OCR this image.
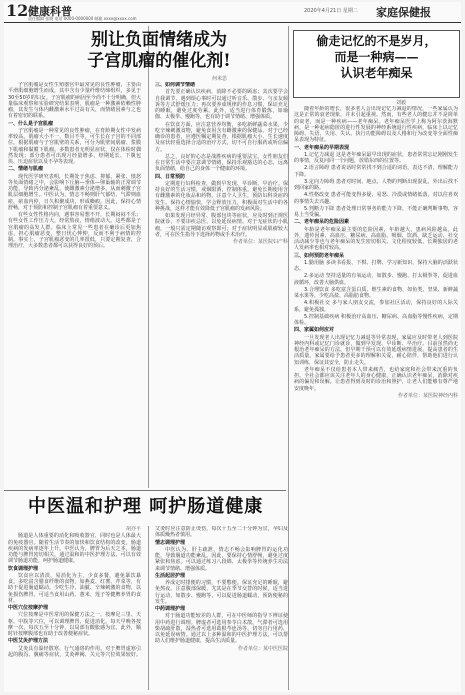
12 健康科普
责任编辑 张晓 电话 0000-0000000 邮箱 xxxx@xxxx.com
2020年4月21日 星期二 家庭保健报
别让负面情绪成为
子宫肌瘤的催化剂!
何米思

子宫肌瘤是女性生殖器官中最常见的良性肿瘤，主要由平滑肌细胞增生而成，其中含有少量纤维结缔组织，多见于30至50岁的妇女。子宫肌瘤的病因至今尚不十分明确，但大量临床观察和实验研究结果表明，肌瘤是一种激素依赖性肿瘤，其发生与体内雌激素水平过高有关，而情绪因素与之也有着密切的联系。

一、什么是子宫肌瘤

子宫肌瘤是一种常见的良性肿瘤，在育龄期女性中发病率较高。肌瘤大小不一，数目不等，可生长在子宫的不同部位。根据肌瘤与子宫肌壁的关系，可分为肌壁间肌瘤、浆膜下肌瘤和黏膜下肌瘤。多数患者无明显症状，仅在体检时偶然发现；部分患者可出现月经量增多、经期延长、下腹包块、压迫症状以及不孕等表现。

二、情绪与肌瘤

现代医学研究表明，长期处于焦虑、抑郁、紧张、愤怒等负面情绪之中，会影响下丘脑—垂体—卵巢轴的正常调节功能，导致内分泌紊乱，使雌激素分泌增多，从而刺激子宫肌层细胞增生。中医认为，情志不畅则肝气郁结，气滞则血瘀，瘀血内停，日久积聚成块，形成癥瘕。因此，保持心情舒畅，对于预防和控制子宫肌瘤有着重要意义。

有些女性性格内向，遇事容易想不开，长期闷闷不乐；有些女性工作压力大，经常熬夜，情绪波动大。这些都是子宫肌瘤的高发人群。临床上常见一些患者在确诊后更加焦虑，担心肌瘤恶变，整日忧心忡忡，反而不利于病情的控制。事实上，子宫肌瘤恶变的几率很低，只要定期复查，合理治疗，大多数患者都可以获得良好的预后。

三、如何调节情绪

首先要正确认识疾病，消除不必要的顾虑；其次要学会自我调节，遇到烦心事时可以通过听音乐、散步、与亲友倾诉等方式舒缓压力；再次要养成规律的作息习惯，保证充足的睡眠，避免过度劳累。此外，适当进行体育锻炼，如瑜伽、太极拳、慢跑等，也有助于调节情绪、增强体质。

在饮食方面，应注意营养均衡，多吃新鲜蔬菜水果，少吃辛辣刺激食物，避免食用含有雌激素的保健品。对于已经确诊的患者，应遵医嘱定期复查，根据肌瘤大小、生长速度及症状轻重选择合适的治疗方式，切不可自行服药或听信偏方。

总之，良好的心态是战胜疾病的重要法宝。女性朋友们在日常生活中要注意调节情绪，保持乐观豁达的心态，远离负面情绪，给自己的身体一个健康的环境。

四、日常预防

定期进行妇科检查，做到早发现、早诊断、早治疗。保持良好的生活习惯，戒烟限酒，控制体重。避免长期使用含有雌激素的化妆品和药物。注意个人卫生，预防妇科炎症的发生。保持心情愉快，学会释放压力，积极面对生活中的各种挑战，这样才能有效降低子宫肌瘤的发病风险。

如果发现月经异常、腹部包块等症状，应及时到正规医院就诊，不要讳疾忌医，以免延误病情。对于无症状的小肌瘤，一般只需定期随访观察即可；对于症状明显或肌瘤较大者，可在医生指导下选择药物或手术治疗。

作者单位：某医院妇产科

中医温和护理 呵护肠道健康

胡亦平

肠道是人体重要的消化和吸收器官，同时也是人体最大的免疫器官。随着生活节奏的加快和饮食结构的改变，肠道疾病的发病率逐年上升。中医认为，脾胃为后天之本，肠道功能与脾胃密切相关，通过温和的中医护理方法，可以有效调节肠道功能，呵护肠道健康。

饮食调理护理

饮食应以清淡、易消化为主，少食多餐，避免暴饮暴食。多吃富含膳食纤维的食物，如燕麦、红薯、芹菜等，有助于促进肠道蠕动。少吃生冷、油腻、辛辣刺激的食物，以免损伤脾胃。可适当食用山药、薏米、莲子等健脾养胃的食材。

中医穴位按摩护理

穴位按摩是中医常用的保健方法之一。按摩足三里、天枢、中脘等穴位，可以调理脾胃、促进消化。每天早晚各按摩一次，每次五至十分钟，以局部有酸胀感为宜。此外，顺时针按摩腹部也有助于改善便秘症状。

中医艾灸护理方法

艾灸具有温经散寒、行气通络的作用。对于脾胃虚寒引起的腹泻、腹痛等症状，艾灸神阙、关元等穴位效果较好。艾灸时应注意防止烫伤，每次十五至二十分钟为宜，孕妇及体质燥热者慎用。

情志调理护理

中医认为，肝主疏泄，情志不畅会影响脾胃的运化功能，导致肠道功能紊乱。因此，要保持心情舒畅，避免过度紧张和焦虑。可以通过练习八段锦、太极拳等传统养生功法来调节情绪、增强体质。

生活起居护理

养成定时排便的习惯，不要憋便。保证充足的睡眠，避免熬夜。注意腹部保暖，尤其是在季节交替的时候。适当进行运动，如散步、慢跑等，可以促进肠道蠕动，预防便秘的发生。

中药调理护理

对于肠道功能较差的人群，可在中医师的指导下辨证使用中药进行调理。脾虚者可选用参苓白术散，气滞者可选用柴胡疏肝散，湿热者可选用葛根芩连汤等。切勿自行用药，以免延误病情。通过以上多种温和的中医护理方法，可以帮助人们维护肠道健康，提高生活质量。

作者单位：某中医医院

偷走记忆的不是岁月，
而是一种病——
认识老年痴呆
刘毅

随着年龄的增长，很多老人会出现记忆力减退的情况，一些家属认为这是正常的衰老现象，并未引起重视。然而，有些老人的健忘并不是简单的衰老，而是一种疾病——老年痴呆。老年痴呆医学上称为阿尔茨海默病，是一种起病隐匿的进行性发展的神经系统退行性疾病，临床上以记忆障碍、失语、失用、失认、执行功能障碍以及人格和行为改变等全面性痴呆表现为特征。

一、老年痴呆的早期表现

1.记忆力减退 这是老年痴呆最早出现的症状，患者常常忘记刚刚发生的事情，反复问同一个问题，放错东西的位置等。

2.语言障碍 患者说话时常常找不到合适的词语，表达不清，理解能力下降。

3.定向力障碍 患者对时间、地点、人物的判断出现混乱，外出后找不到回家的路。

4.性格改变 患者可能变得多疑、易怒、冷漠或情绪低落，对以往喜欢的事情失去兴趣。

5.判断力下降 患者处理日常事务的能力下降，不能正确判断事物，容易上当受骗。

二、老年痴呆的危险因素

年龄是老年痴呆最主要的危险因素，年龄越大，患病风险越高。此外，遗传因素、高血压、糖尿病、高血脂、吸烟、饮酒、缺乏运动、社交活动减少等也与老年痴呆的发生密切相关。文化程度较低、长期独居的老人发病率也相对较高。

三、如何预防老年痴呆

1.勤用脑 多读书看报、下棋、打牌、学习新知识，保持大脑的活跃状态。

2.多运动 坚持适量的有氧运动，如散步、慢跑、打太极拳等，促进血液循环，改善大脑供血。

3.合理饮食 多吃富含蛋白质、维生素的食物，如鱼类、坚果、新鲜蔬菜水果等，少吃高盐、高脂肪食物。

4.积极社交 多与家人朋友交流，参加社区活动，保持良好的人际关系，避免孤独。

5.控制基础疾病 积极治疗高血压、糖尿病、高血脂等慢性疾病，定期体检。

四、家属如何应对

一旦发现老人出现记忆力减退等异常表现，家属应及时带老人到医院神经内科或记忆门诊就诊，做到早发现、早诊断、早治疗。目前虽然尚无根治老年痴呆的方法，但早期干预可以有效延缓病情进展，提高患者的生活质量。家属要给予患者更多的理解和关爱，耐心陪伴，帮助他们进行认知训练，保证其安全，防止走失。

老年痴呆不仅给患者本人带来痛苦，也给家庭和社会带来沉重的负担。全社会都应该关注老年人的身心健康，正确认识老年痴呆，消除对疾病的偏见和误解，让患者得到及时的诊治和照护，让老人们能够有尊严地安度晚年。

作者单位：某医院神经内科
